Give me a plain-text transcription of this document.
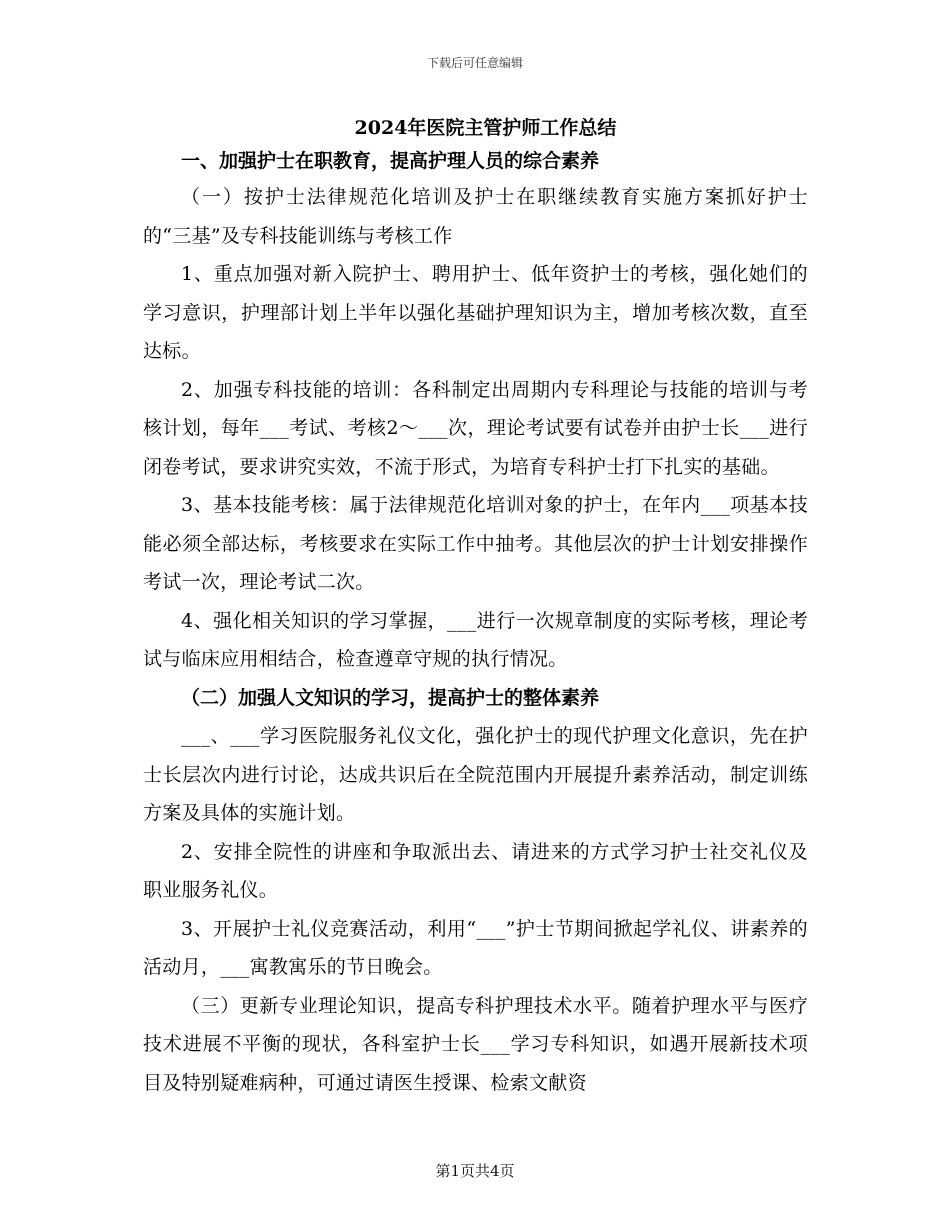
下载后可任意编辑
2024年医院主管护师工作总结
一、加强护士在职教育，提高护理人员的综合素养

（一）按护士法律规范化培训及护士在职继续教育实施方案抓好护士的“三基”及专科技能训练与考核工作

1、重点加强对新入院护士、聘用护士、低年资护士的考核，强化她们的学习意识，护理部计划上半年以强化基础护理知识为主，增加考核次数，直至达标。

2、加强专科技能的培训：各科制定出周期内专科理论与技能的培训与考核计划，每年___考试、考核2～___次，理论考试要有试卷并由护士长___进行闭卷考试，要求讲究实效，不流于形式，为培育专科护士打下扎实的基础。

3、基本技能考核：属于法律规范化培训对象的护士，在年内___项基本技能必须全部达标，考核要求在实际工作中抽考。其他层次的护士计划安排操作考试一次，理论考试二次。

4、强化相关知识的学习掌握，___进行一次规章制度的实际考核，理论考试与临床应用相结合，检查遵章守规的执行情况。

（二）加强人文知识的学习，提高护士的整体素养

___、___学习医院服务礼仪文化，强化护士的现代护理文化意识，先在护士长层次内进行讨论，达成共识后在全院范围内开展提升素养活动，制定训练方案及具体的实施计划。

2、安排全院性的讲座和争取派出去、请进来的方式学习护士社交礼仪及职业服务礼仪。

3、开展护士礼仪竞赛活动，利用“___”护士节期间掀起学礼仪、讲素养的活动月，___寓教寓乐的节日晚会。

（三）更新专业理论知识，提高专科护理技术水平。随着护理水平与医疗技术进展不平衡的现状，各科室护士长___学习专科知识，如遇开展新技术项目及特别疑难病种，可通过请医生授课、检索文献资

第1页共4页
